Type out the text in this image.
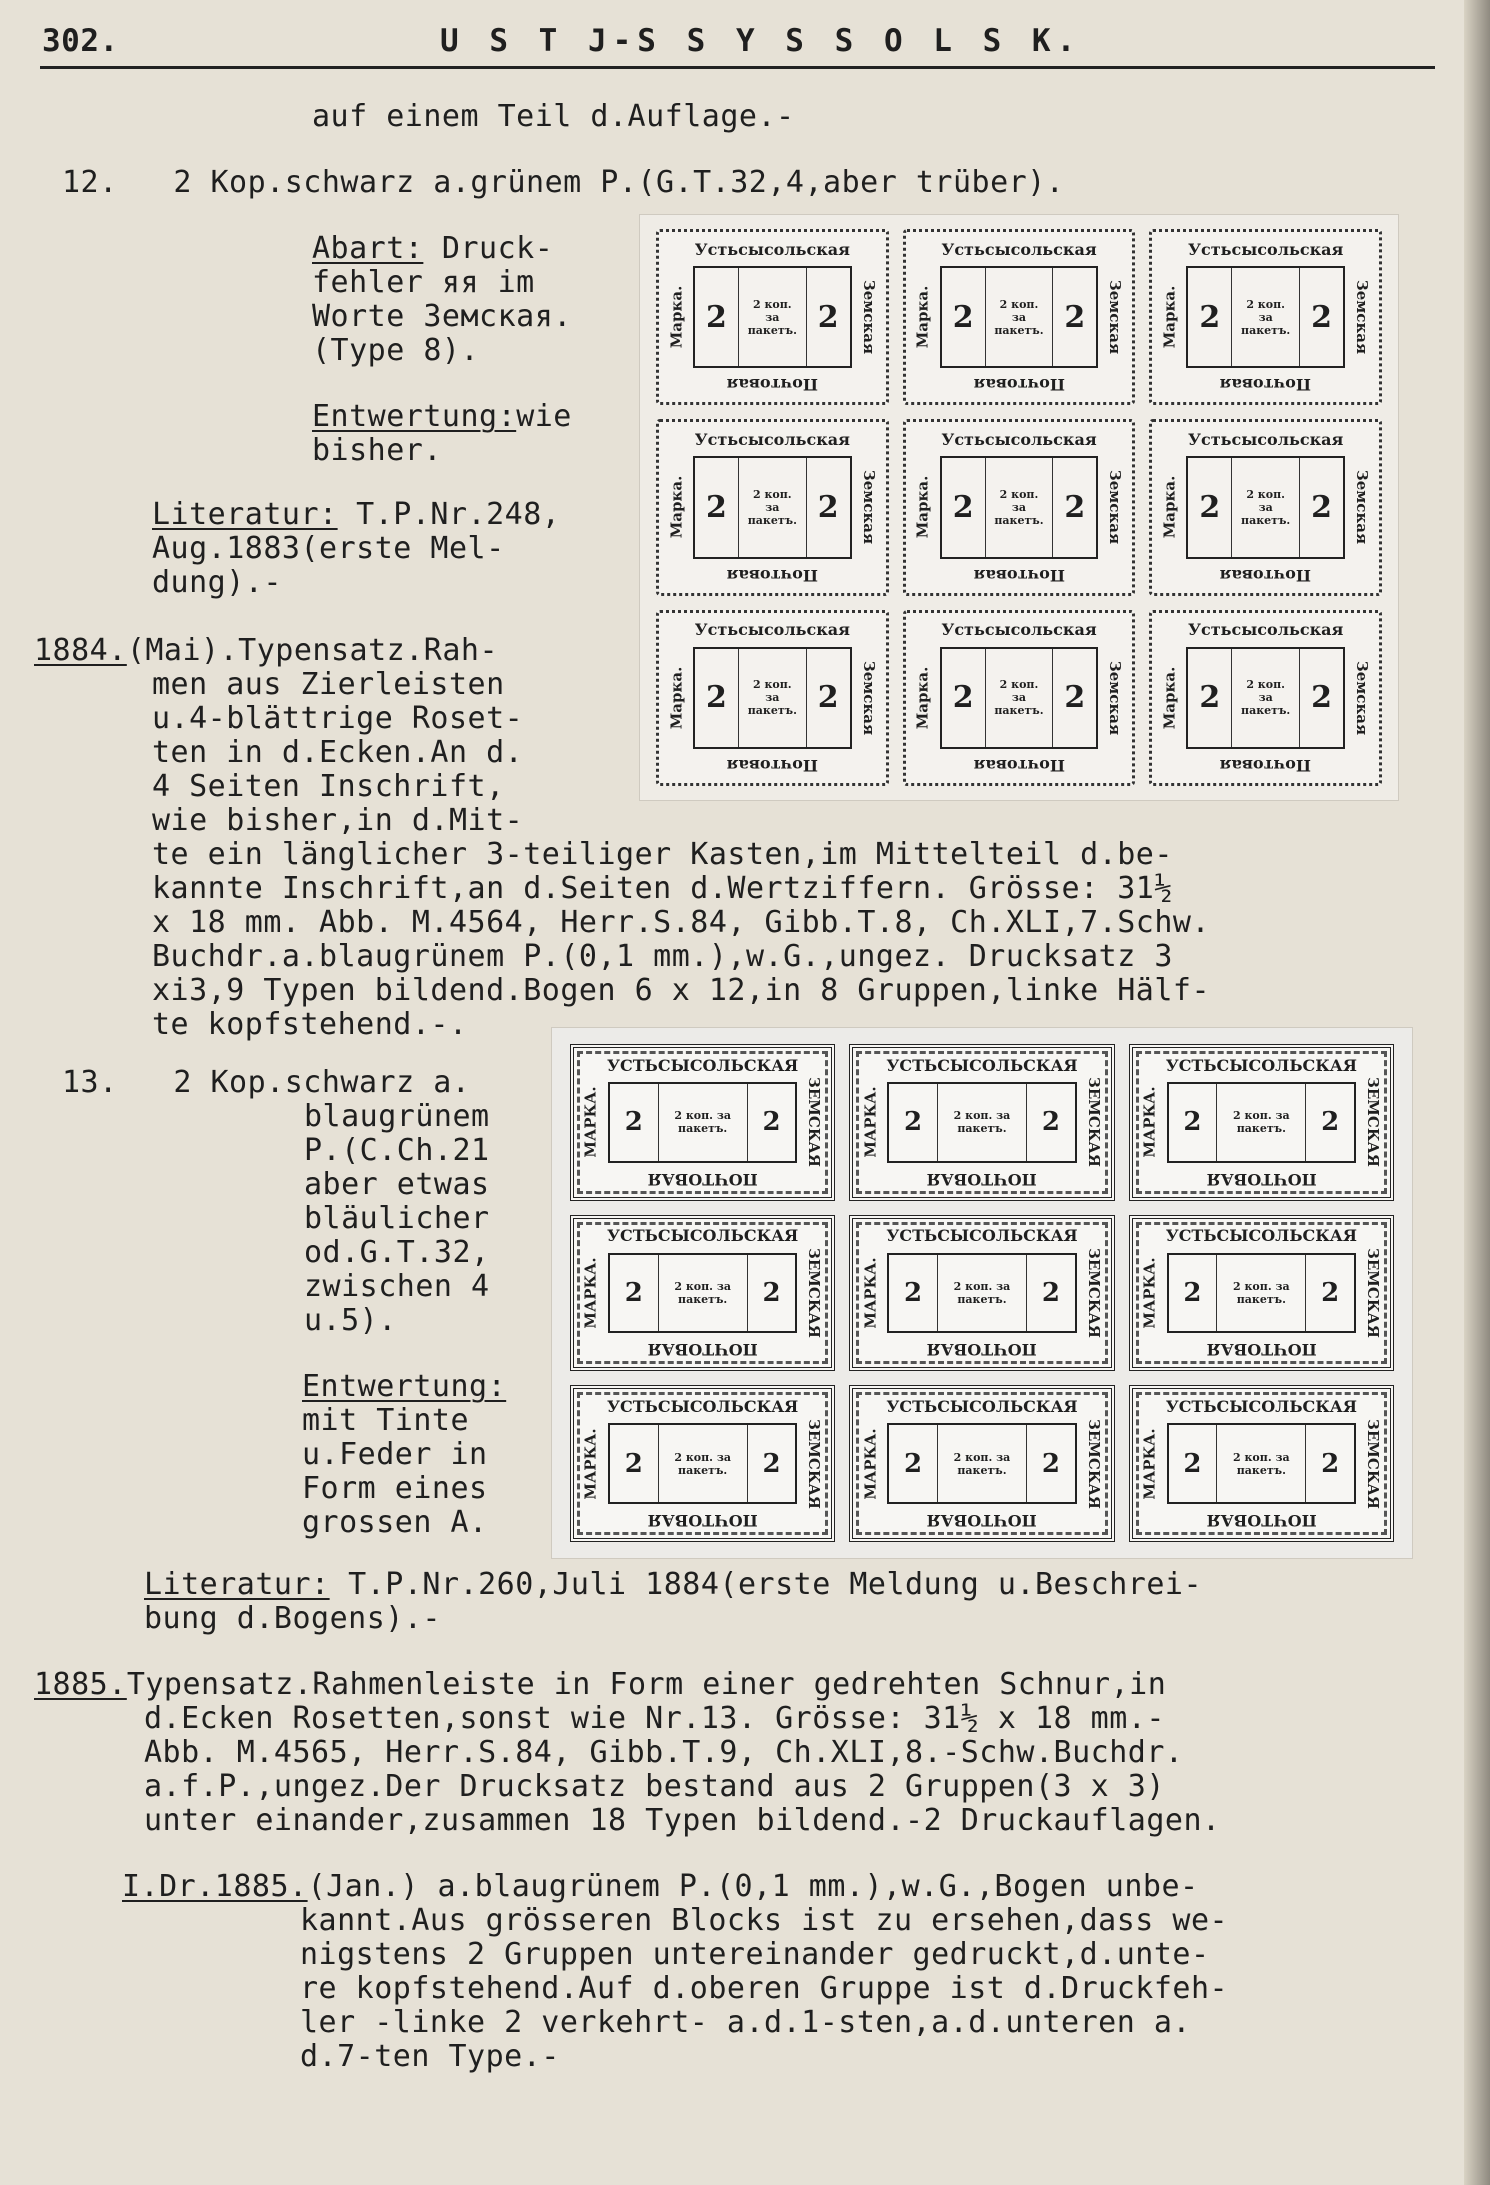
302.	U S T J-S S Y S S O L S K.
auf einem Teil d.Auflage.-
12.   2 Kop.schwarz a.grünem P.(G.T.32,4,aber trüber).
Abart: Druck-
fehler яя im
Worte Земская.
(Type 8).
Entwertung:wie
bisher.
Literatur: T.P.Nr.248,
Aug.1883(erste Mel-
dung).-
1884.(Mai).Typensatz.Rah-
men aus Zierleisten
u.4-blättrige Roset-
ten in d.Ecken.An d.
4 Seiten Inschrift,
wie bisher,in d.Mit-
te ein länglicher 3-teiliger Kasten,im Mittelteil d.be-
kannte Inschrift,an d.Seiten d.Wertziffern. Grösse: 31½
x 18 mm. Abb. M.4564, Herr.S.84, Gibb.T.8, Ch.XLI,7.Schw.
Buchdr.a.blaugrünem P.(0,1 mm.),w.G.,ungez. Drucksatz 3
xi3,9 Typen bildend.Bogen 6 x 12,in 8 Gruppen,linke Hälf-
te kopfstehend.-.
13.   2 Kop.schwarz a.
blaugrünem
P.(C.Ch.21
aber etwas
bläulicher
od.G.T.32,
zwischen 4
u.5).
Entwertung:
mit Tinte
u.Feder in
Form eines
grossen A.
Literatur: T.P.Nr.260,Juli 1884(erste Meldung u.Beschrei-
bung d.Bogens).-
1885.Typensatz.Rahmenleiste in Form einer gedrehten Schnur,in
d.Ecken Rosetten,sonst wie Nr.13. Grösse: 31½ x 18 mm.-
Abb. M.4565, Herr.S.84, Gibb.T.9, Ch.XLI,8.-Schw.Buchdr.
a.f.P.,ungez.Der Drucksatz bestand aus 2 Gruppen(3 x 3)
unter einander,zusammen 18 Typen bildend.-2 Druckauflagen.
I.Dr.1885.(Jan.) a.blaugrünem P.(0,1 mm.),w.G.,Bogen unbe-
kannt.Aus grösseren Blocks ist zu ersehen,dass we-
nigstens 2 Gruppen untereinander gedruckt,d.unte-
re kopfstehend.Auf d.oberen Gruppe ist d.Druckfeh-
ler -linke 2 verkehrt- a.d.1-sten,a.d.unteren a.
d.7-ten Type.-
Устьсысольская
Марка. 2	2 коп.
за
пакетъ. 2	Земская
Почтовая
Устьсысольская
Марка. 2	2 коп.
за
пакетъ. 2	Земская
Почтовая
Устьсысольская
Марка. 2	2 коп.
за
пакетъ. 2	Земская
Почтовая
Устьсысольская
Марка. 2	2 коп.
за
пакетъ. 2	Земская
Почтовая
Устьсысольская
Марка. 2	2 коп.
за
пакетъ. 2	Земская
Почтовая
Устьсысольская
Марка. 2	2 коп.
за
пакетъ. 2	Земская
Почтовая
Устьсысольская
Марка. 2	2 коп.
за
пакетъ. 2	Земская
Почтовая
Устьсысольская
Марка. 2	2 коп.
за
пакетъ. 2	Земская
Почтовая
Устьсысольская
Марка. 2	2 коп.
за
пакетъ. 2	Земская
Почтовая
УСТЬСЫСОЛЬСКАЯ
МАРКА. 2	2 коп. за
пакетъ.	2	ЗЕМСКАЯ
ПОЧТОВАЯ
УСТЬСЫСОЛЬСКАЯ
МАРКА. 2	2 коп. за
пакетъ.	2	ЗЕМСКАЯ
ПОЧТОВАЯ
УСТЬСЫСОЛЬСКАЯ
МАРКА. 2	2 коп. за
пакетъ.	2	ЗЕМСКАЯ
ПОЧТОВАЯ
УСТЬСЫСОЛЬСКАЯ
МАРКА. 2	2 коп. за
пакетъ.	2	ЗЕМСКАЯ
ПОЧТОВАЯ
УСТЬСЫСОЛЬСКАЯ
МАРКА. 2	2 коп. за
пакетъ.	2	ЗЕМСКАЯ
ПОЧТОВАЯ
УСТЬСЫСОЛЬСКАЯ
МАРКА. 2	2 коп. за
пакетъ.	2	ЗЕМСКАЯ
ПОЧТОВАЯ
УСТЬСЫСОЛЬСКАЯ
МАРКА. 2	2 коп. за
пакетъ.	2	ЗЕМСКАЯ
ПОЧТОВАЯ
УСТЬСЫСОЛЬСКАЯ
МАРКА. 2	2 коп. за
пакетъ.	2	ЗЕМСКАЯ
ПОЧТОВАЯ
УСТЬСЫСОЛЬСКАЯ
МАРКА. 2	2 коп. за
пакетъ.	2	ЗЕМСКАЯ
ПОЧТОВАЯ
